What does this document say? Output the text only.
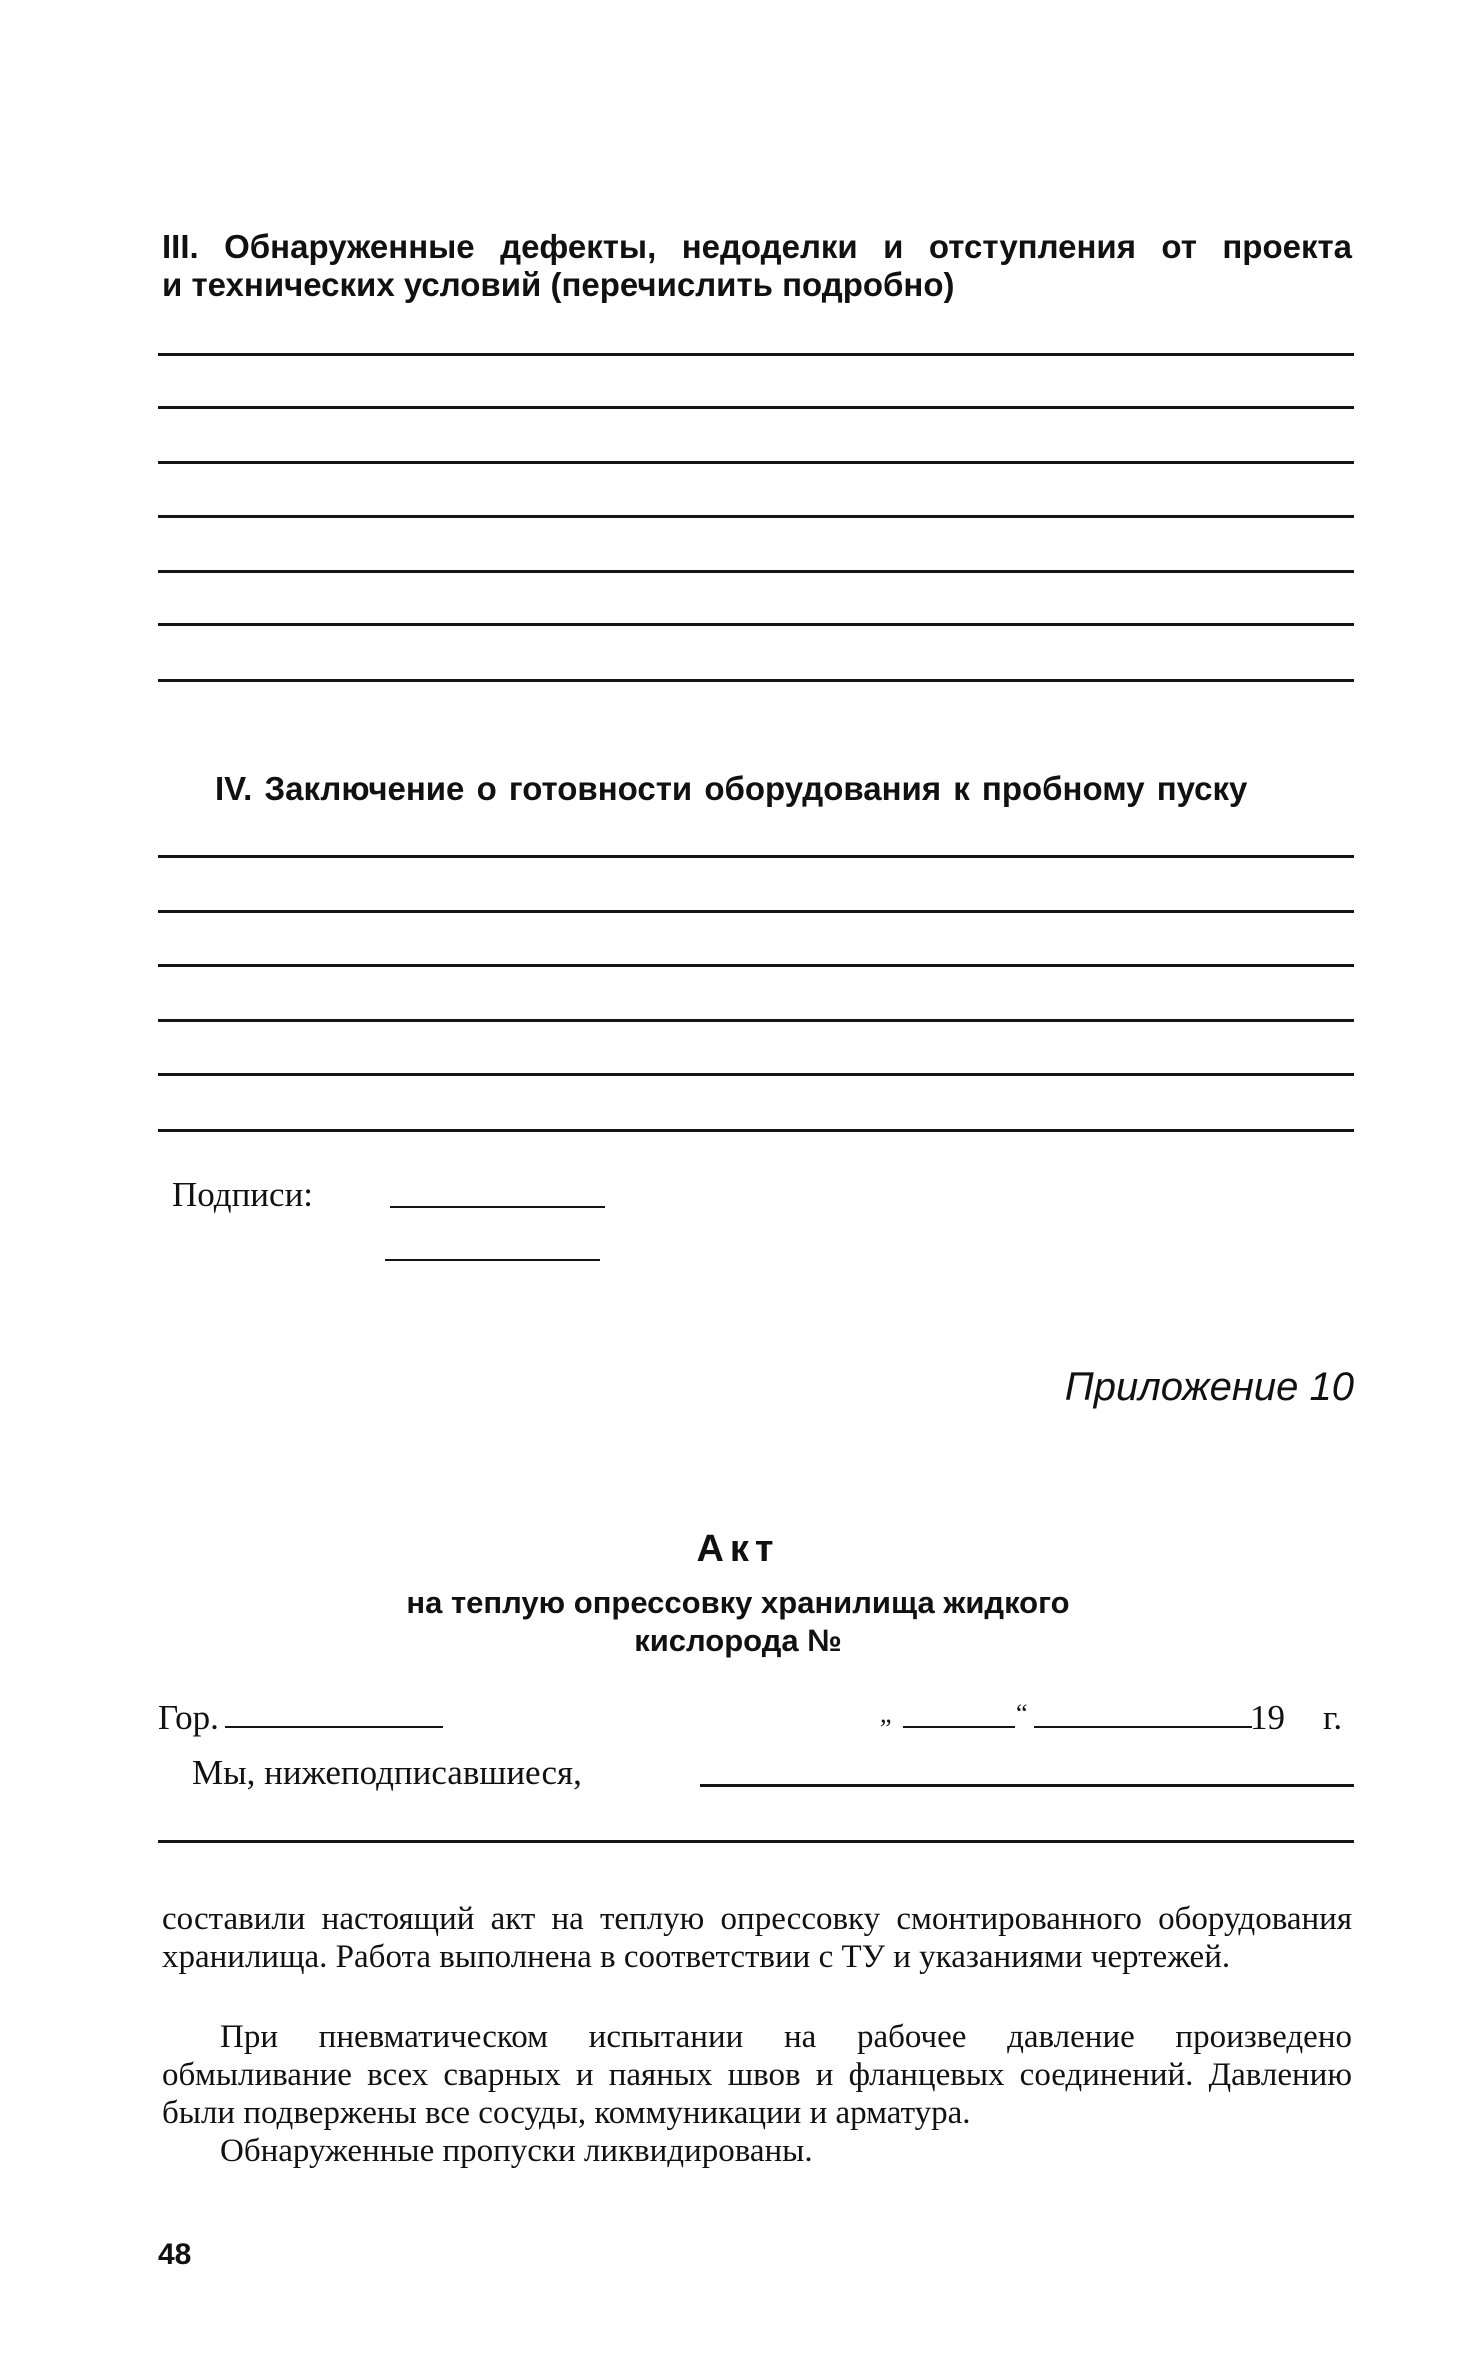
III. Обнаруженные дефекты, недоделки и отступления от проекта
и технических условий (перечислить подробно)
IV. Заключение о готовности оборудования к пробному пуску
Подписи:
Приложение 10
Акт
на теплую опрессовку хранилища жидкого
кислорода №
Гор.	„	“	19 г.
Мы, нижеподписавшиеся,
составили настоящий акт на теплую опрессовку смонтированного оборудования хранилища. Работа выполнена в соответствии с ТУ и указаниями чертежей.
При пневматическом испытании на рабочее давление произведено обмыливание всех сварных и паяных швов и фланцевых соединений. Давлению были подвержены все сосуды, коммуникации и арматура.
Обнаруженные пропуски ликвидированы.
48
